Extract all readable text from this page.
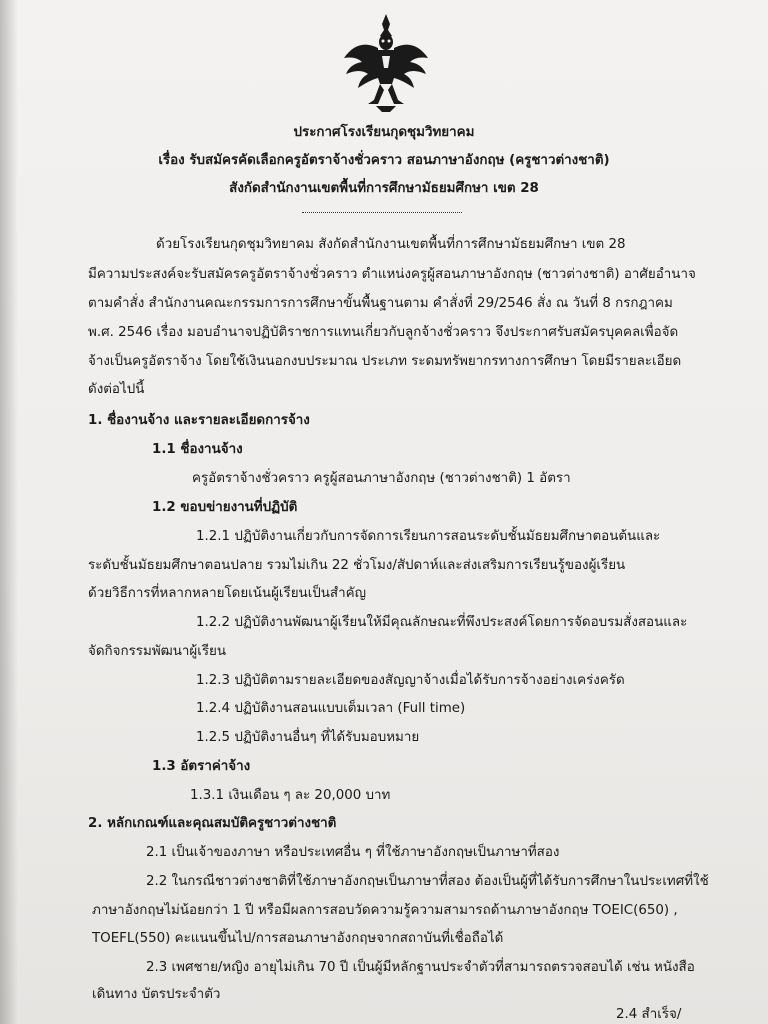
ประกาศโรงเรียนกุดชุมวิทยาคม
เรื่อง รับสมัครคัดเลือกครูอัตราจ้างชั่วคราว สอนภาษาอังกฤษ (ครูชาวต่างชาติ)
สังกัดสำนักงานเขตพื้นที่การศึกษามัธยมศึกษา เขต 28
ด้วยโรงเรียนกุดชุมวิทยาคม สังกัดสำนักงานเขตพื้นที่การศึกษามัธยมศึกษา เขต 28
มีความประสงค์จะรับสมัครครูอัตราจ้างชั่วคราว ตำแหน่งครูผู้สอนภาษาอังกฤษ (ชาวต่างชาติ) อาศัยอำนาจ
ตามคำสั่ง สำนักงานคณะกรรมการการศึกษาขั้นพื้นฐานตาม คำสั่งที่ 29/2546 สั่ง ณ วันที่ 8 กรกฎาคม
พ.ศ. 2546 เรื่อง มอบอำนาจปฏิบัติราชการแทนเกี่ยวกับลูกจ้างชั่วคราว จึงประกาศรับสมัครบุคคลเพื่อจัด
จ้างเป็นครูอัตราจ้าง โดยใช้เงินนอกงบประมาณ ประเภท ระดมทรัพยากรทางการศึกษา โดยมีรายละเอียด
ดังต่อไปนี้
1. ชื่องานจ้าง และรายละเอียดการจ้าง
1.1 ชื่องานจ้าง
ครูอัตราจ้างชั่วคราว ครูผู้สอนภาษาอังกฤษ (ชาวต่างชาติ) 1 อัตรา
1.2 ขอบข่ายงานที่ปฏิบัติ
1.2.1 ปฏิบัติงานเกี่ยวกับการจัดการเรียนการสอนระดับชั้นมัธยมศึกษาตอนต้นและ
ระดับชั้นมัธยมศึกษาตอนปลาย รวมไม่เกิน 22 ชั่วโมง/สัปดาห์และส่งเสริมการเรียนรู้ของผู้เรียน
ด้วยวิธีการที่หลากหลายโดยเน้นผู้เรียนเป็นสำคัญ
1.2.2 ปฏิบัติงานพัฒนาผู้เรียนให้มีคุณลักษณะที่พึงประสงค์โดยการจัดอบรมสั่งสอนและ
จัดกิจกรรมพัฒนาผู้เรียน
1.2.3 ปฏิบัติตามรายละเอียดของสัญญาจ้างเมื่อได้รับการจ้างอย่างเคร่งครัด
1.2.4 ปฏิบัติงานสอนแบบเต็มเวลา (Full time)
1.2.5 ปฏิบัติงานอื่นๆ ที่ได้รับมอบหมาย
1.3 อัตราค่าจ้าง
1.3.1 เงินเดือน ๆ ละ 20,000 บาท
2. หลักเกณฑ์และคุณสมบัติครูชาวต่างชาติ
2.1 เป็นเจ้าของภาษา หรือประเทศอื่น ๆ ที่ใช้ภาษาอังกฤษเป็นภาษาที่สอง
2.2 ในกรณีชาวต่างชาติที่ใช้ภาษาอังกฤษเป็นภาษาที่สอง ต้องเป็นผู้ที่ได้รับการศึกษาในประเทศที่ใช้
ภาษาอังกฤษไม่น้อยกว่า 1 ปี หรือมีผลการสอบวัดความรู้ความสามารถด้านภาษาอังกฤษ TOEIC(650) ,
TOEFL(550) คะแนนขึ้นไป/การสอนภาษาอังกฤษจากสถาบันที่เชื่อถือได้
2.3 เพศชาย/หญิง อายุไม่เกิน 70 ปี เป็นผู้มีหลักฐานประจำตัวที่สามารถตรวจสอบได้ เช่น หนังสือ
เดินทาง บัตรประจำตัว
2.4 สำเร็จ/
